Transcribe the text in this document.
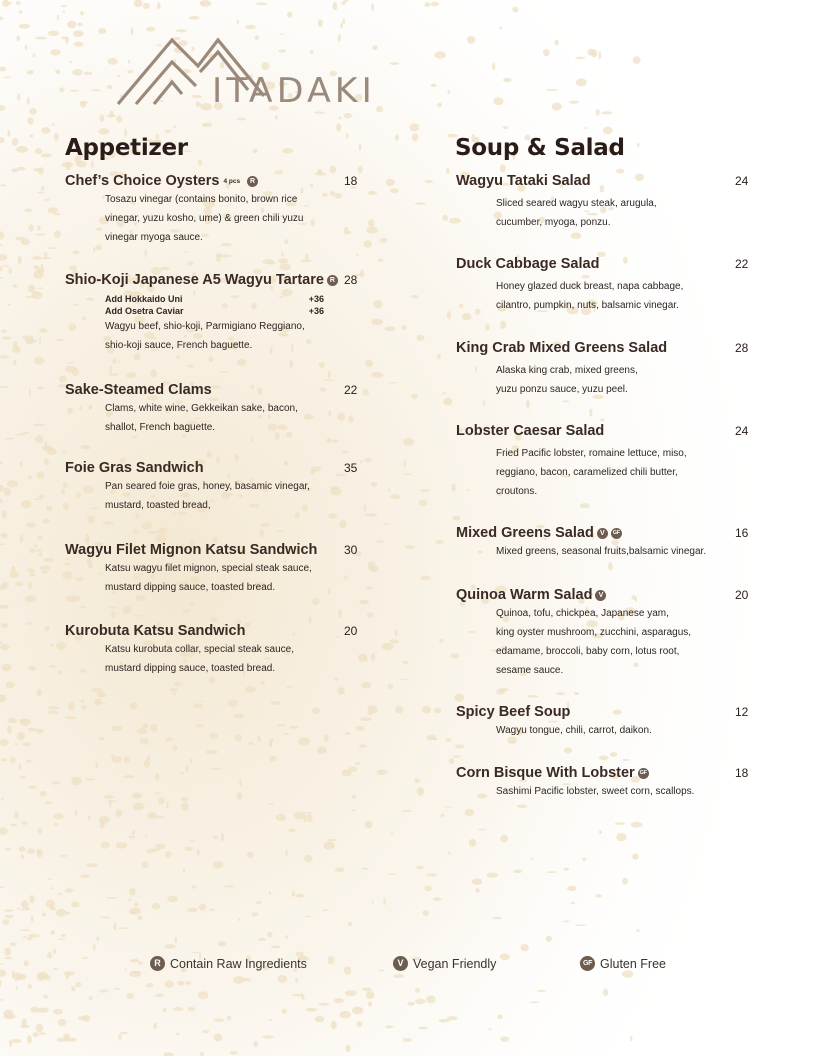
ITADAKI
Appetizer	Soup & Salad
Chef’s Choice Oysters 4 pcs	R	18
Tosazu vinegar (contains bonito, brown rice
vinegar, yuzu kosho, ume) & green chili yuzu
vinegar myoga sauce.
Shio-Koji Japanese A5 Wagyu Tartare R 28
Add Hokkaido Uni	+36
Add Osetra Caviar	+36
Wagyu beef, shio-koji, Parmigiano Reggiano,
shio-koji sauce, French baguette.
Sake-Steamed Clams	22
Clams, white wine, Gekkeikan sake, bacon,
shallot, French baguette.
Foie Gras Sandwich	35
Pan seared foie gras, honey, basamic vinegar,
mustard, toasted bread,
Wagyu Filet Mignon Katsu Sandwich 30
Katsu wagyu filet mignon, special steak sauce,
mustard dipping sauce, toasted bread.
Kurobuta Katsu Sandwich	20
Katsu kurobuta collar, special steak sauce,
mustard dipping sauce, toasted bread.
Wagyu Tataki Salad	24
Sliced seared wagyu steak, arugula,
cucumber, myoga, ponzu.
Duck Cabbage Salad	22
Honey glazed duck breast, napa cabbage,
cilantro, pumpkin, nuts, balsamic vinegar.
King Crab Mixed Greens Salad	28
Alaska king crab, mixed greens,
yuzu ponzu sauce, yuzu peel.
Lobster Caesar Salad	24
Fried Pacific lobster, romaine lettuce, miso,
reggiano, bacon, caramelized chili butter,
croutons.
Mixed Greens Salad V	GF	16
Mixed greens, seasonal fruits,balsamic vinegar.
Quinoa Warm Salad V	20
Quinoa, tofu, chickpea, Japanese yam,
king oyster mushroom, zucchini, asparagus,
edamame, broccoli, baby corn, lotus root,
sesame sauce.
Spicy Beef Soup	12
Wagyu tongue, chili, carrot, daikon.
Corn Bisque With Lobster GF	18
Sashimi Pacific lobster, sweet corn, scallops.
R Contain Raw Ingredients	V Vegan Friendly	GF Gluten Free
